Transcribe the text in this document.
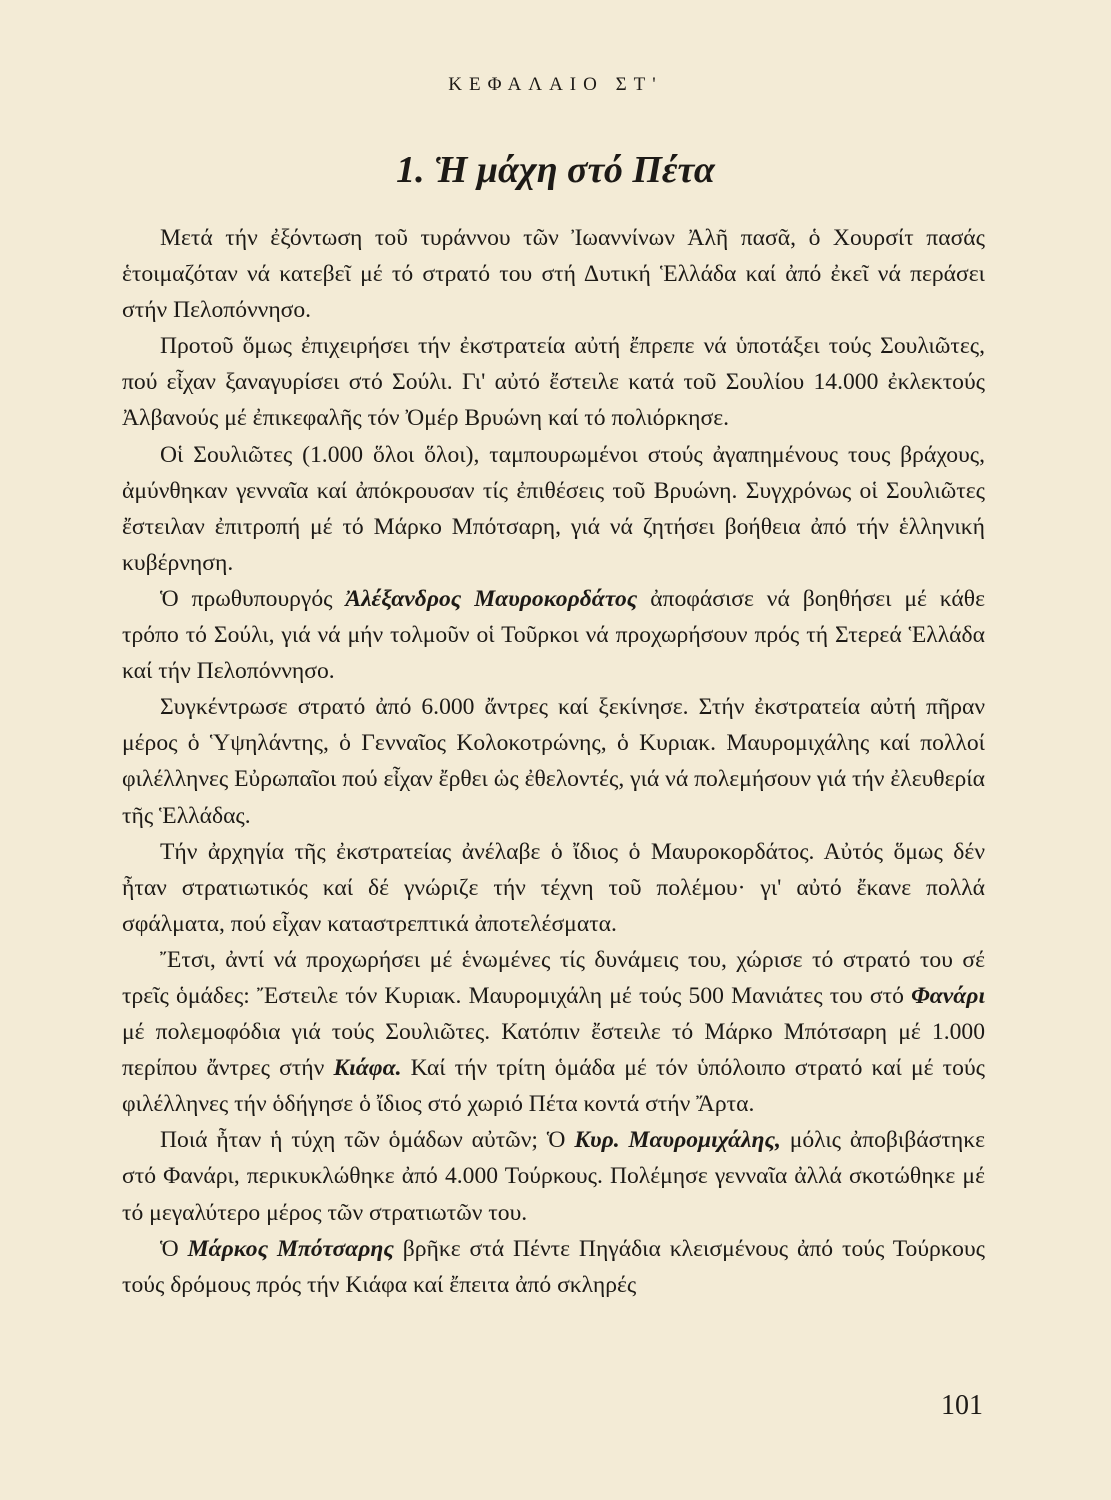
ΚΕΦΑΛΑΙΟ ΣΤ'
1. Ἡ μάχη στό Πέτα

Μετά τήν ἐξόντωση τοῦ τυράννου τῶν Ἰωαννίνων Ἀλῆ πασᾶ, ὁ Χουρσίτ πασάς ἑτοιμαζόταν νά κατεβεῖ μέ τό στρατό του στή Δυτική Ἑλλάδα καί ἀπό ἐκεῖ νά περάσει στήν Πελοπόννησο.

Προτοῦ ὅμως ἐπιχειρήσει τήν ἐκστρατεία αὐτή ἔπρεπε νά ὑποτάξει τούς Σουλιῶτες, πού εἶχαν ξαναγυρίσει στό Σούλι. Γι' αὐτό ἔστειλε κατά τοῦ Σουλίου 14.000 ἐκλεκτούς Ἀλβανούς μέ ἐπικεφαλῆς τόν Ὀμέρ Βρυώνη καί τό πολιόρκησε.

Οἱ Σουλιῶτες (1.000 ὅλοι ὅλοι), ταμπουρωμένοι στούς ἀγαπημένους τους βράχους, ἀμύνθηκαν γενναῖα καί ἀπόκρουσαν τίς ἐπιθέσεις τοῦ Βρυώνη. Συγχρόνως οἱ Σουλιῶτες ἔστειλαν ἐπιτροπή μέ τό Μάρκο Μπότσαρη, γιά νά ζητήσει βοήθεια ἀπό τήν ἑλληνική κυβέρνηση.

Ὁ πρωθυπουργός Ἀλέξανδρος Μαυροκορδάτος ἀποφάσισε νά βοηθήσει μέ κάθε τρόπο τό Σούλι, γιά νά μήν τολμοῦν οἱ Τοῦρκοι νά προχωρήσουν πρός τή Στερεά Ἑλλάδα καί τήν Πελοπόννησο.

Συγκέντρωσε στρατό ἀπό 6.000 ἄντρες καί ξεκίνησε. Στήν ἐκστρατεία αὐτή πῆραν μέρος ὁ Ὑψηλάντης, ὁ Γενναῖος Κολοκοτρώνης, ὁ Κυριακ. Μαυρομιχάλης καί πολλοί φιλέλληνες Εὐρωπαῖοι πού εἶχαν ἔρθει ὡς ἐθελοντές, γιά νά πολεμήσουν γιά τήν ἐλευθερία τῆς Ἑλλάδας.

Τήν ἀρχηγία τῆς ἐκστρατείας ἀνέλαβε ὁ ἴδιος ὁ Μαυροκορδάτος. Αὐτός ὅμως δέν ἦταν στρατιωτικός καί δέ γνώριζε τήν τέχνη τοῦ πολέμου· γι' αὐτό ἔκανε πολλά σφάλματα, πού εἶχαν καταστρεπτικά ἀποτελέσματα.

Ἔτσι, ἀντί νά προχωρήσει μέ ἑνωμένες τίς δυνάμεις του, χώρισε τό στρατό του σέ τρεῖς ὁμάδες: Ἔστειλε τόν Κυριακ. Μαυρομιχάλη μέ τούς 500 Μανιάτες του στό Φανάρι μέ πολεμοφόδια γιά τούς Σουλιῶτες. Κατόπιν ἔστειλε τό Μάρκο Μπότσαρη μέ 1.000 περίπου ἄντρες στήν Κιάφα. Καί τήν τρίτη ὁμάδα μέ τόν ὑπόλοιπο στρατό καί μέ τούς φιλέλληνες τήν ὁδήγησε ὁ ἴδιος στό χωριό Πέτα κοντά στήν Ἄρτα.

Ποιά ἦταν ἡ τύχη τῶν ὁμάδων αὐτῶν; Ὁ Κυρ. Μαυρομιχάλης, μόλις ἀποβιβάστηκε στό Φανάρι, περικυκλώθηκε ἀπό 4.000 Τούρκους. Πολέμησε γενναῖα ἀλλά σκοτώθηκε μέ τό μεγαλύτερο μέρος τῶν στρατιωτῶν του.

Ὁ Μάρκος Μπότσαρης βρῆκε στά Πέντε Πηγάδια κλεισμένους ἀπό τούς Τούρκους τούς δρόμους πρός τήν Κιάφα καί ἔπειτα ἀπό σκληρές

101
